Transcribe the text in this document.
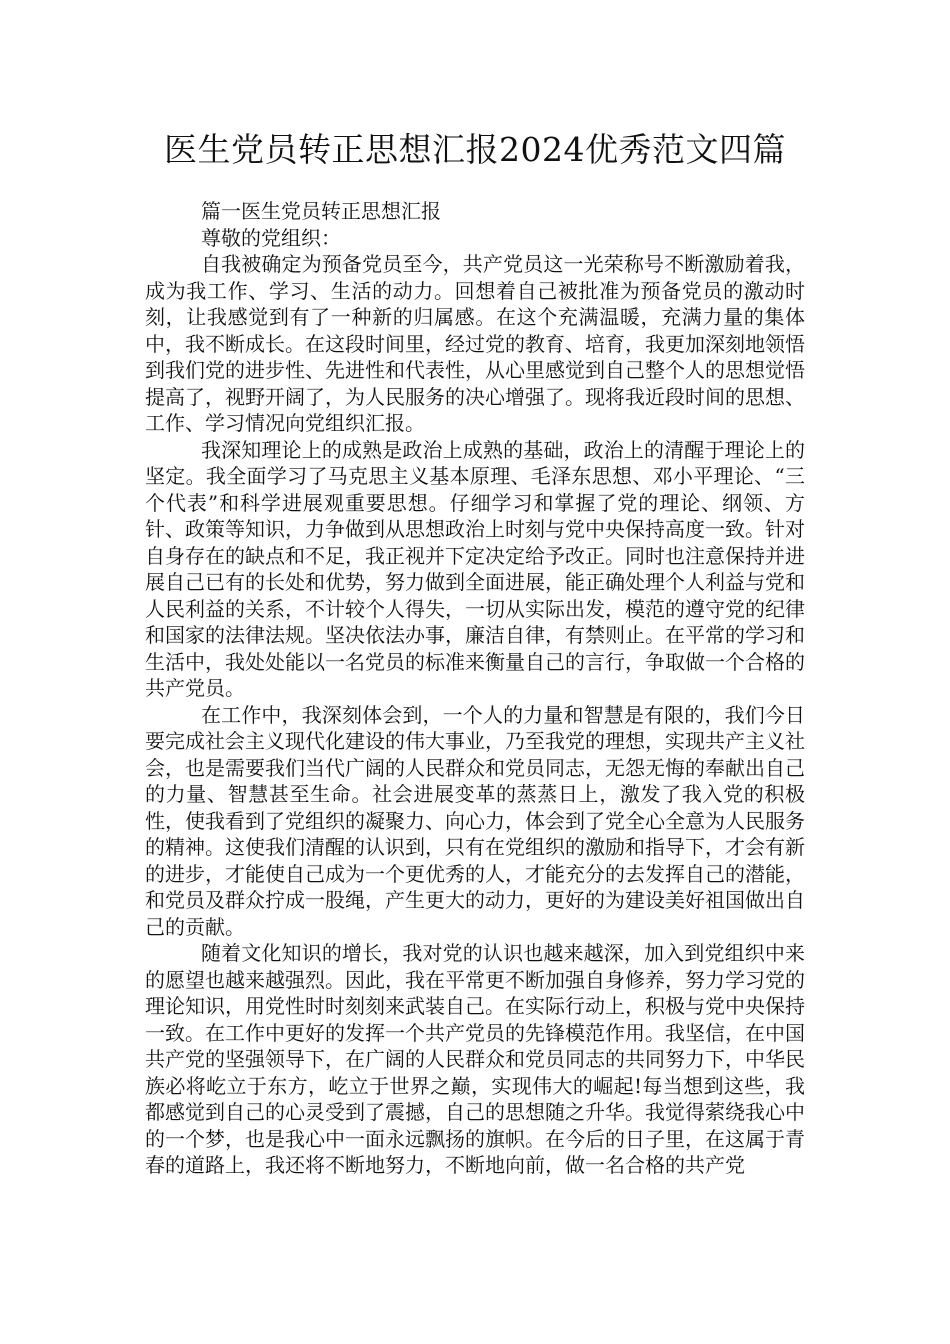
医生党员转正思想汇报2024优秀范文四篇

篇一医生党员转正思想汇报

尊敬的党组织：

自我被确定为预备党员至今，共产党员这一光荣称号不断激励着我，成为我工作、学习、生活的动力。回想着自己被批准为预备党员的激动时刻，让我感觉到有了一种新的归属感。在这个充满温暖，充满力量的集体中，我不断成长。在这段时间里，经过党的教育、培育，我更加深刻地领悟到我们党的进步性、先进性和代表性，从心里感觉到自己整个人的思想觉悟提高了，视野开阔了，为人民服务的决心增强了。现将我近段时间的思想、工作、学习情况向党组织汇报。

我深知理论上的成熟是政治上成熟的基础，政治上的清醒于理论上的坚定。我全面学习了马克思主义基本原理、毛泽东思想、邓小平理论、“三个代表”和科学进展观重要思想。仔细学习和掌握了党的理论、纲领、方针、政策等知识，力争做到从思想政治上时刻与党中央保持高度一致。针对自身存在的缺点和不足，我正视并下定决定给予改正。同时也注意保持并进展自己已有的长处和优势，努力做到全面进展，能正确处理个人利益与党和人民利益的关系，不计较个人得失，一切从实际出发，模范的遵守党的纪律和国家的法律法规。坚决依法办事，廉洁自律，有禁则止。在平常的学习和生活中，我处处能以一名党员的标准来衡量自己的言行，争取做一个合格的共产党员。

在工作中，我深刻体会到，一个人的力量和智慧是有限的，我们今日要完成社会主义现代化建设的伟大事业，乃至我党的理想，实现共产主义社会，也是需要我们当代广阔的人民群众和党员同志，无怨无悔的奉献出自己的力量、智慧甚至生命。社会进展变革的蒸蒸日上，激发了我入党的积极性，使我看到了党组织的凝聚力、向心力，体会到了党全心全意为人民服务的精神。这使我们清醒的认识到，只有在党组织的激励和指导下，才会有新的进步，才能使自己成为一个更优秀的人，才能充分的去发挥自己的潜能，和党员及群众拧成一股绳，产生更大的动力，更好的为建设美好祖国做出自己的贡献。

随着文化知识的增长，我对党的认识也越来越深，加入到党组织中来的愿望也越来越强烈。因此，我在平常更不断加强自身修养，努力学习党的理论知识，用党性时时刻刻来武装自己。在实际行动上，积极与党中央保持一致。在工作中更好的发挥一个共产党员的先锋模范作用。我坚信，在中国共产党的坚强领导下，在广阔的人民群众和党员同志的共同努力下，中华民族必将屹立于东方，屹立于世界之巅，实现伟大的崛起!每当想到这些，我都感觉到自己的心灵受到了震撼，自己的思想随之升华。我觉得萦绕我心中的一个梦，也是我心中一面永远飘扬的旗帜。在今后的日子里，在这属于青春的道路上，我还将不断地努力，不断地向前，做一名合格的共产党
